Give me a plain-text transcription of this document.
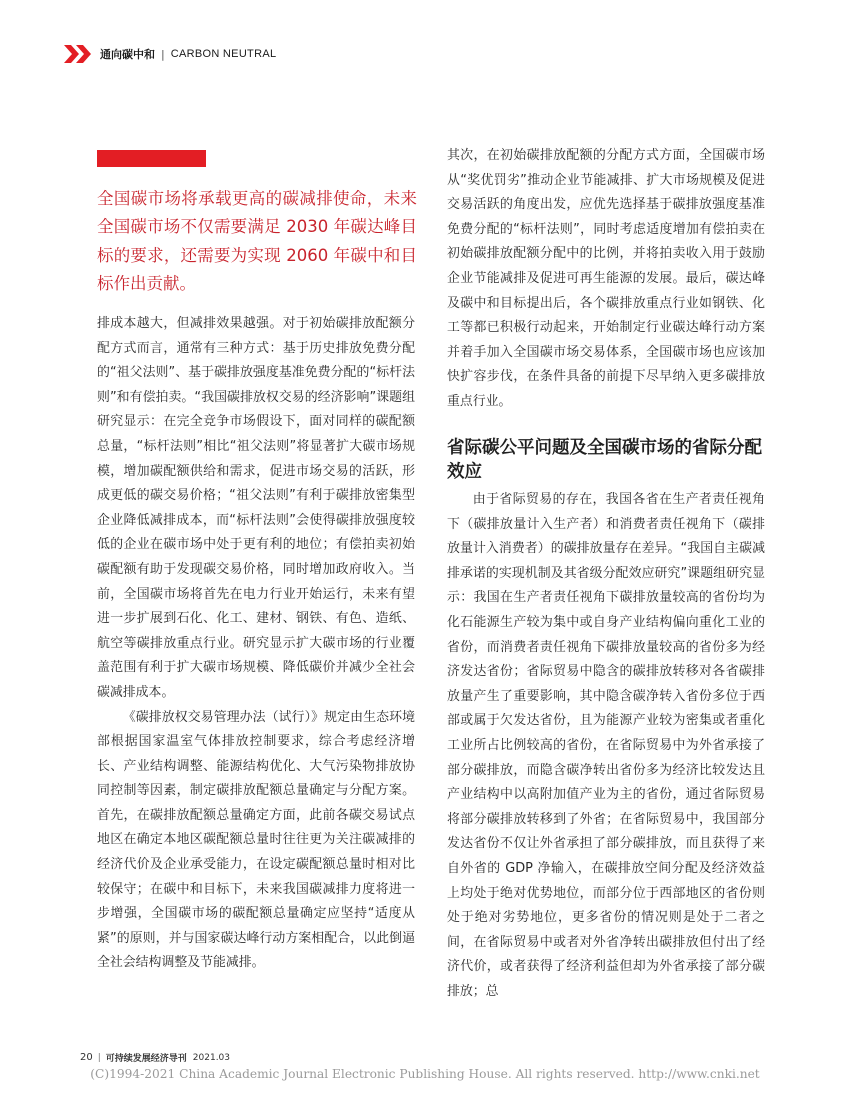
通向碳中和 | CARBON NEUTRAL

全国碳市场将承载更高的碳减排使命，未来全国碳市场不仅需要满足 2030 年碳达峰目标的要求，还需要为实现 2060 年碳中和目标作出贡献。

排成本越大，但减排效果越强。对于初始碳排放配额分配方式而言，通常有三种方式：基于历史排放免费分配的“祖父法则”、基于碳排放强度基准免费分配的“标杆法则”和有偿拍卖。“我国碳排放权交易的经济影响”课题组研究显示：在完全竞争市场假设下，面对同样的碳配额总量，“标杆法则”相比“祖父法则”将显著扩大碳市场规模，增加碳配额供给和需求，促进市场交易的活跃，形成更低的碳交易价格；“祖父法则”有利于碳排放密集型企业降低减排成本，而“标杆法则”会使得碳排放强度较低的企业在碳市场中处于更有利的地位；有偿拍卖初始碳配额有助于发现碳交易价格，同时增加政府收入。当前，全国碳市场将首先在电力行业开始运行，未来有望进一步扩展到石化、化工、建材、钢铁、有色、造纸、航空等碳排放重点行业。研究显示扩大碳市场的行业覆盖范围有利于扩大碳市场规模、降低碳价并减少全社会碳减排成本。

《碳排放权交易管理办法（试行）》规定由生态环境部根据国家温室气体排放控制要求，综合考虑经济增长、产业结构调整、能源结构优化、大气污染物排放协同控制等因素，制定碳排放配额总量确定与分配方案。首先，在碳排放配额总量确定方面，此前各碳交易试点地区在确定本地区碳配额总量时往往更为关注碳减排的经济代价及企业承受能力，在设定碳配额总量时相对比较保守；在碳中和目标下，未来我国碳减排力度将进一步增强，全国碳市场的碳配额总量确定应坚持“适度从紧”的原则，并与国家碳达峰行动方案相配合，以此倒逼全社会结构调整及节能减排。

其次，在初始碳排放配额的分配方式方面，全国碳市场从“奖优罚劣”推动企业节能减排、扩大市场规模及促进交易活跃的角度出发，应优先选择基于碳排放强度基准免费分配的“标杆法则”，同时考虑适度增加有偿拍卖在初始碳排放配额分配中的比例，并将拍卖收入用于鼓励企业节能减排及促进可再生能源的发展。最后，碳达峰及碳中和目标提出后，各个碳排放重点行业如钢铁、化工等都已积极行动起来，开始制定行业碳达峰行动方案并着手加入全国碳市场交易体系，全国碳市场也应该加快扩容步伐，在条件具备的前提下尽早纳入更多碳排放重点行业。

省际碳公平问题及全国碳市场的省际分配效应

由于省际贸易的存在，我国各省在生产者责任视角下（碳排放量计入生产者）和消费者责任视角下（碳排放量计入消费者）的碳排放量存在差异。“我国自主碳减排承诺的实现机制及其省级分配效应研究”课题组研究显示：我国在生产者责任视角下碳排放量较高的省份均为化石能源生产较为集中或自身产业结构偏向重化工业的省份，而消费者责任视角下碳排放量较高的省份多为经济发达省份；省际贸易中隐含的碳排放转移对各省碳排放量产生了重要影响，其中隐含碳净转入省份多位于西部或属于欠发达省份，且为能源产业较为密集或者重化工业所占比例较高的省份，在省际贸易中为外省承接了部分碳排放，而隐含碳净转出省份多为经济比较发达且产业结构中以高附加值产业为主的省份，通过省际贸易将部分碳排放转移到了外省；在省际贸易中，我国部分发达省份不仅让外省承担了部分碳排放，而且获得了来自外省的 GDP 净输入，在碳排放空间分配及经济效益上均处于绝对优势地位，而部分位于西部地区的省份则处于绝对劣势地位，更多省份的情况则是处于二者之间，在省际贸易中或者对外省净转出碳排放但付出了经济代价，或者获得了经济利益但却为外省承接了部分碳排放；总

20 | 可持续发展经济导刊 2021.03
(C)1994-2021 China Academic Journal Electronic Publishing House. All rights reserved. http://www.cnki.net
